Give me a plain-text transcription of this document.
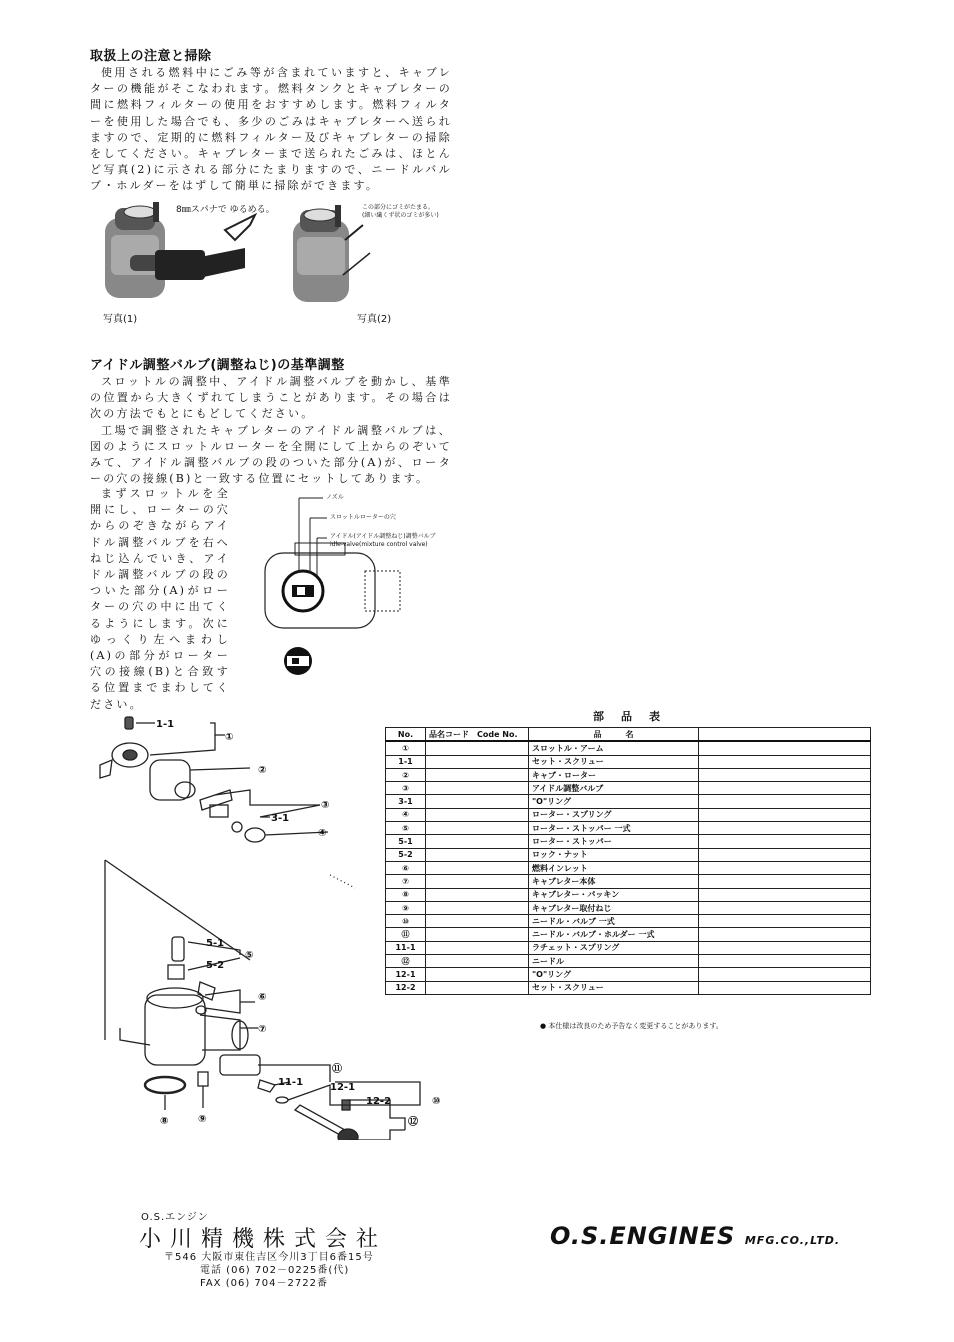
取扱上の注意と掃除

使用される燃料中にごみ等が含まれていますと、キャブレターの機能がそこなわれます。燃料タンクとキャブレターの間に燃料フィルターの使用をおすすめします。燃料フィルターを使用した場合でも、多少のごみはキャブレターへ送られますので、定期的に燃料フィルター及びキャブレターの掃除をしてください。キャブレターまで送られたごみは、ほとんど写真(2)に示される部分にたまりますので、ニードルバルブ・ホルダーをはずして簡単に掃除ができます。

8㎜スパナで ゆるめる。
写真(1)
この部分にゴミがたまる。
(細い繊くず状のゴミが多い)
写真(2)
アイドル調整バルブ(調整ねじ)の基準調整

スロットルの調整中、アイドル調整バルブを動かし、基準の位置から大きくずれてしまうことがあります。その場合は次の方法でもとにもどしてください。

工場で調整されたキャブレターのアイドル調整バルブは、図のようにスロットルローターを全開にして上からのぞいてみて、アイドル調整バルブの段のついた部分(A)が、ローターの穴の接線(B)と一致する位置にセットしてあります。

まずスロットルを全開にし、ローターの穴からのぞきながらアイドル調整バルブを右へねじ込んでいき、アイドル調整バルブの段のついた部分(A)がローターの穴の中に出てくるようにします。次にゆっくり左へまわし(A)の部分がローター穴の接線(B)と合致する位置までまわしてください。

ノズル
スロットルローターの穴
アイドル(アイドル調整ねじ)調整バルブ
idle-valve(mixture control valve)
1-1
①
②
3-1
③
④
5-1
⑤
5-2
⑥
⑦
11-1
⑪
12-1
⑩
12-2
⑫
⑧	⑨
部　品　表
No.	品名コード　Code No.	品　　　名	
①		スロットル・アーム	
1-1		セット・スクリュー	
②		キャブ・ローター	
③		アイドル調整バルブ	
3-1		"O"リング	
④		ローター・スプリング	
⑤		ローター・ストッパー 一式	
5-1		ローター・ストッパー	
5-2		ロック・ナット	
⑥		燃料インレット	
⑦		キャブレター本体	
⑧		キャブレター・パッキン	
⑨		キャブレター取付ねじ	
⑩		ニードル・バルブ 一式	
⑪		ニードル・バルブ・ホルダー 一式	
11-1		ラチェット・スプリング	
⑫		ニードル	
12-1		"O"リング	
12-2		セット・スクリュー	
● 本仕様は改良のため予告なく変更することがあります。
O.S.エンジン
小川精機株式会社
〒546 大阪市東住吉区今川3丁目6番15号
電話 (06) 702－0225番(代)
FAX (06) 704－2722番
O.S.ENGINES MFG.CO.,LTD.
